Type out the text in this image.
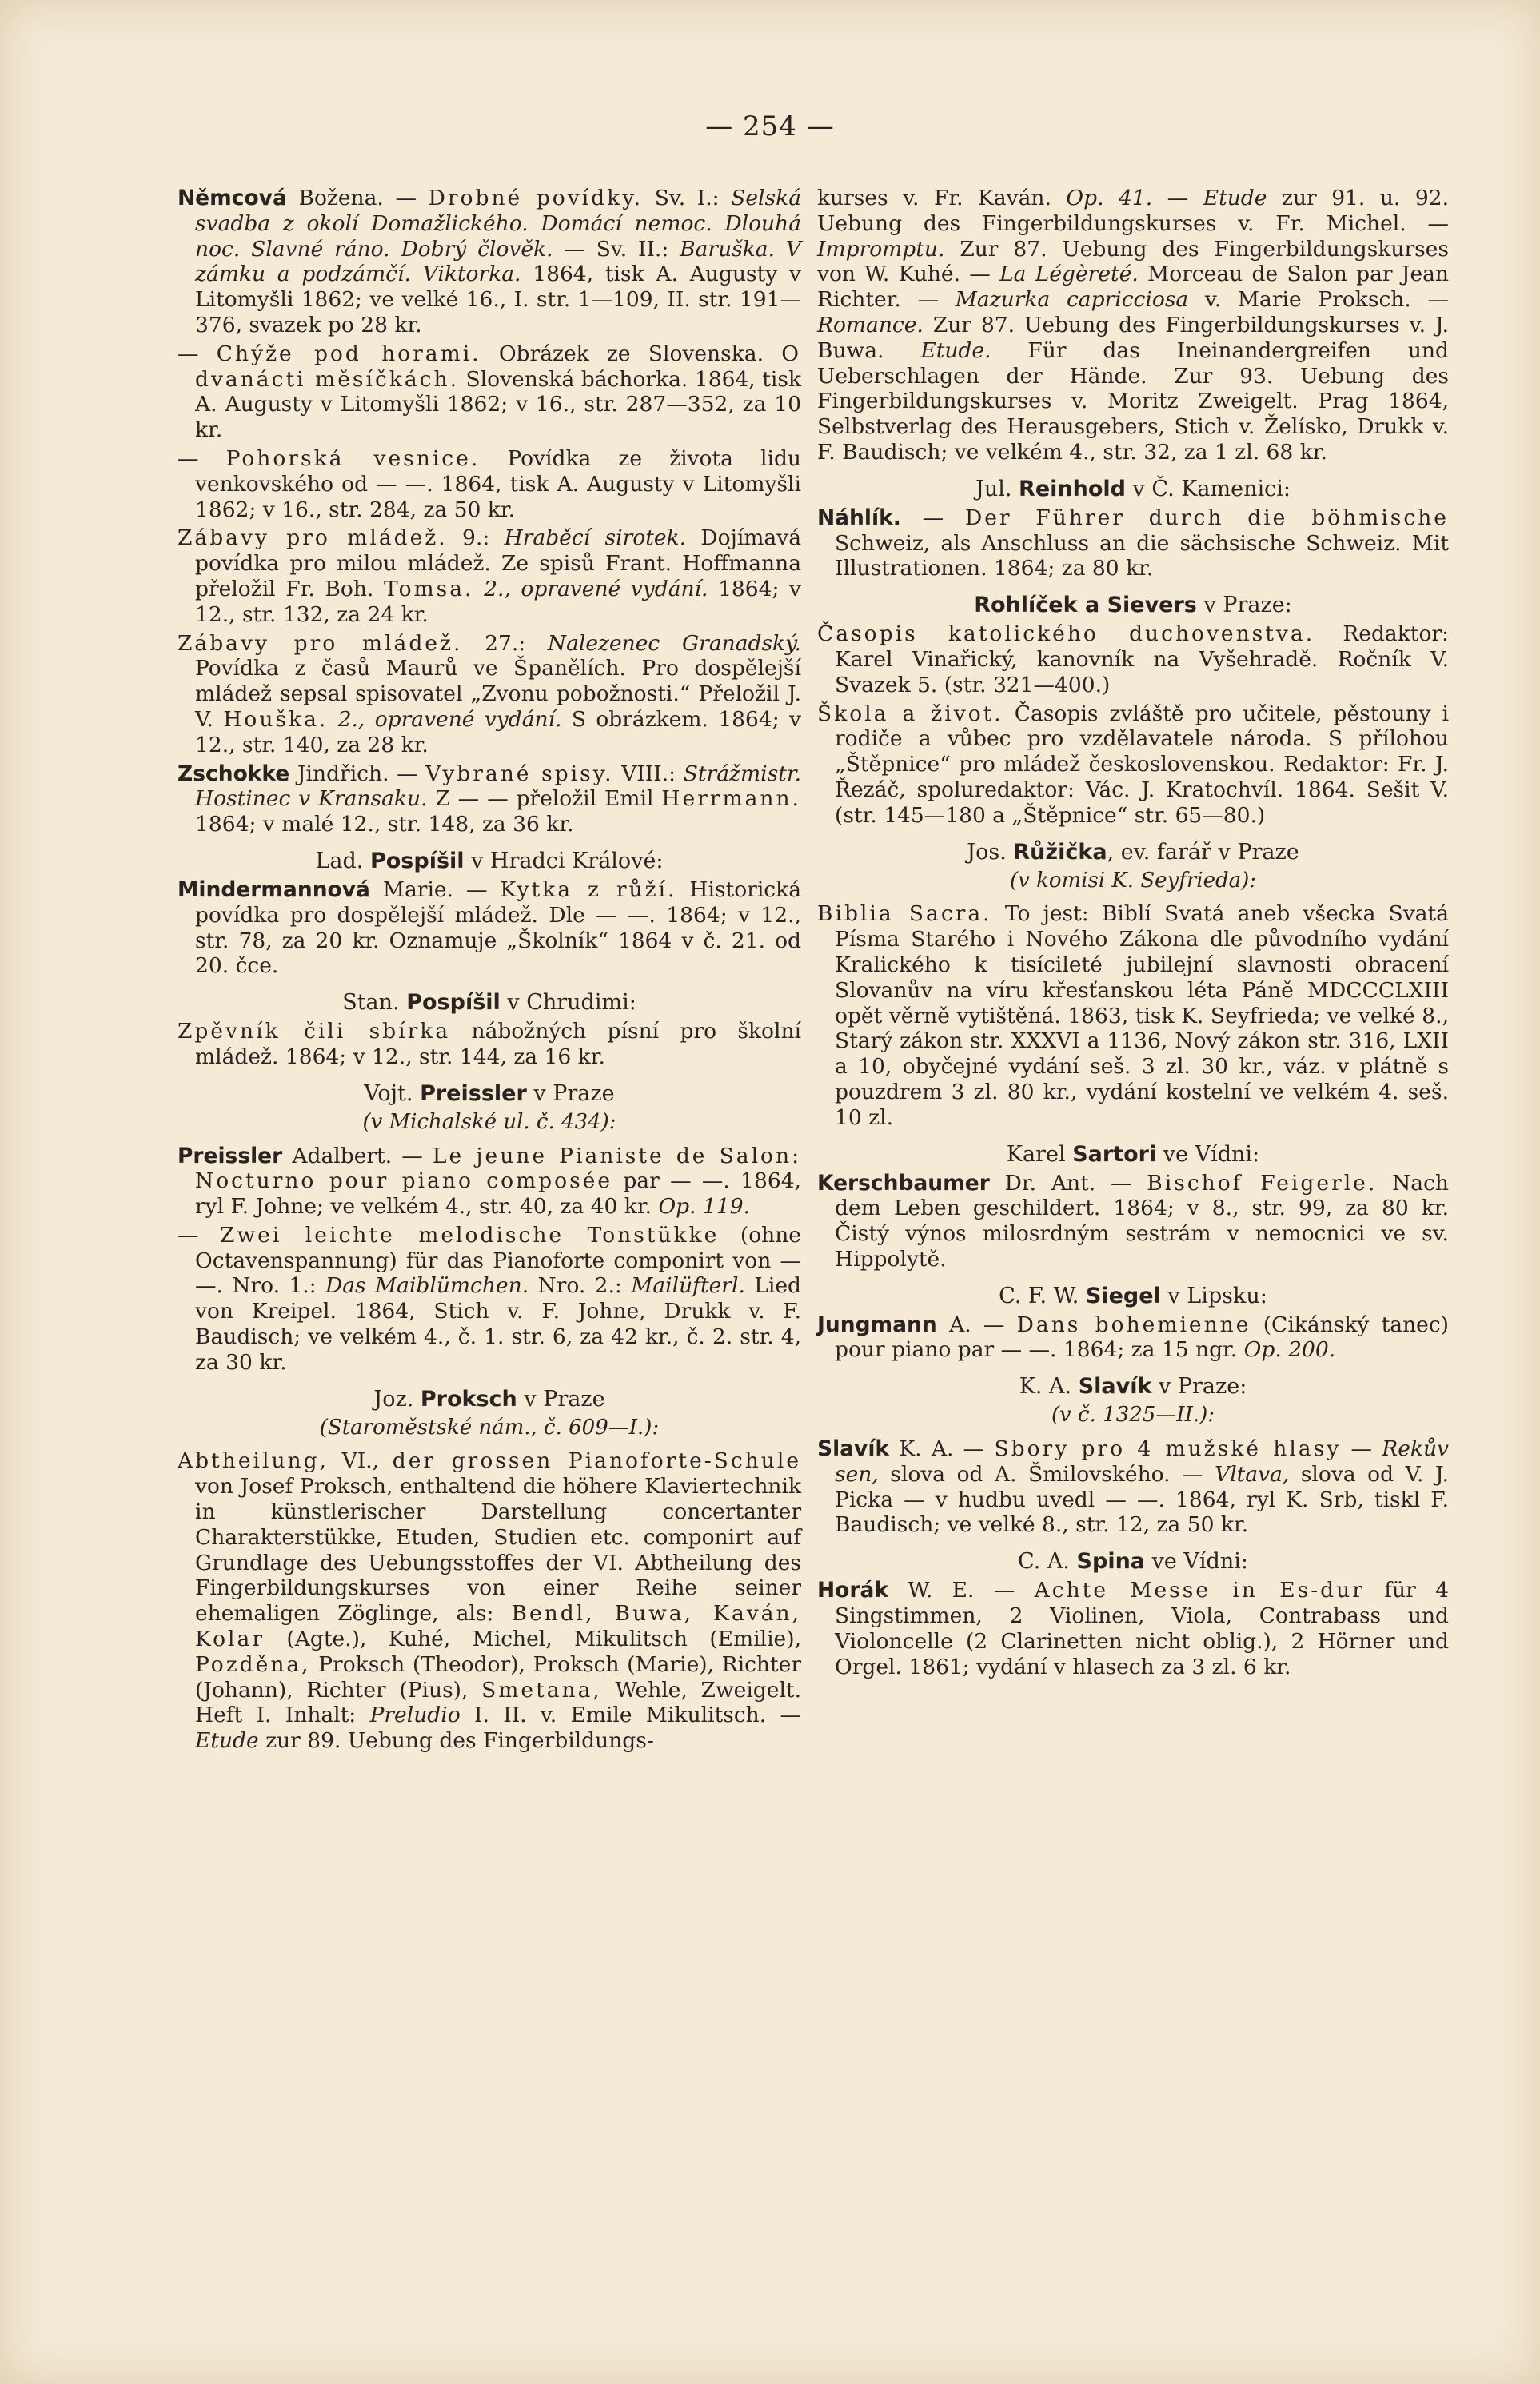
— 254 —

Němcová Božena. — Drobné povídky. Sv. I.: Selská svadba z okolí Domažlického. Domácí nemoc. Dlouhá noc. Slavné ráno. Dobrý člověk. — Sv. II.: Baruška. V zámku a podzámčí. Viktorka. 1864, tisk A. Augusty v Litomyšli 1862; ve velké 16., I. str. 1—109, II. str. 191—376, svazek po 28 kr.

— Chýže pod horami. Obrázek ze Slovenska. O dvanácti měsíčkách. Slovenská báchorka. 1864, tisk A. Augusty v Litomyšli 1862; v 16., str. 287—352, za 10 kr.

— Pohorská vesnice. Povídka ze života lidu venkovského od — —. 1864, tisk A. Augusty v Litomyšli 1862; v 16., str. 284, za 50 kr.

Zábavy pro mládež. 9.: Hraběcí sirotek. Dojímavá povídka pro milou mládež. Ze spisů Frant. Hoffmanna přeložil Fr. Boh. Tomsa. 2., opravené vydání. 1864; v 12., str. 132, za 24 kr.

Zábavy pro mládež. 27.: Nalezenec Granadský. Povídka z časů Maurů ve Španělích. Pro dospělejší mládež sepsal spisovatel „Zvonu pobožnosti.“ Přeložil J. V. Houška. 2., opravené vydání. S obrázkem. 1864; v 12., str. 140, za 28 kr.

Zschokke Jindřich. — Vybrané spisy. VIII.: Strážmistr. Hostinec v Kransaku. Z — — přeložil Emil Herrmann. 1864; v malé 12., str. 148, za 36 kr.

Lad. Pospíšil v Hradci Králové:

Mindermannová Marie. — Kytka z růží. Historická povídka pro dospělejší mládež. Dle — —. 1864; v 12., str. 78, za 20 kr. Oznamuje „Školník“ 1864 v č. 21. od 20. čce.

Stan. Pospíšil v Chrudimi:

Zpěvník čili sbírka nábožných písní pro školní mládež. 1864; v 12., str. 144, za 16 kr.

Vojt. Preissler v Praze
(v Michalské ul. č. 434):

Preissler Adalbert. — Le jeune Pianiste de Salon: Nocturno pour piano composée par — —. 1864, ryl F. Johne; ve velkém 4., str. 40, za 40 kr. Op. 119.

— Zwei leichte melodische Tonstükke (ohne Octavenspannung) für das Pianoforte componirt von — —. Nro. 1.: Das Maiblümchen. Nro. 2.: Mailüfterl. Lied von Kreipel. 1864, Stich v. F. Johne, Drukk v. F. Baudisch; ve velkém 4., č. 1. str. 6, za 42 kr., č. 2. str. 4, za 30 kr.

Joz. Proksch v Praze
(Staroměstské nám., č. 609—I.):

Abtheilung, VI., der grossen Pianoforte-Schule von Josef Proksch, enthaltend die höhere Klaviertechnik in künstlerischer Darstellung concertanter Charakterstükke, Etuden, Studien etc. componirt auf Grundlage des Uebungsstoffes der VI. Abtheilung des Fingerbildungskurses von einer Reihe seiner ehemaligen Zöglinge, als: Bendl, Buwa, Kaván, Kolar (Agte.), Kuhé, Michel, Mikulitsch (Emilie), Pozděna, Proksch (Theodor), Proksch (Marie), Richter (Johann), Richter (Pius), Smetana, Wehle, Zweigelt. Heft I. Inhalt: Preludio I. II. v. Emile Mikulitsch. — Etude zur 89. Uebung des Fingerbildungs-

kurses v. Fr. Kaván. Op. 41. — Etude zur 91. u. 92. Uebung des Fingerbildungskurses v. Fr. Michel. — Impromptu. Zur 87. Uebung des Fingerbildungskurses von W. Kuhé. — La Légèreté. Morceau de Salon par Jean Richter. — Mazurka capricciosa v. Marie Proksch. — Romance. Zur 87. Uebung des Fingerbildungskurses v. J. Buwa. Etude. Für das Ineinandergreifen und Ueberschlagen der Hände. Zur 93. Uebung des Fingerbildungskurses v. Moritz Zweigelt. Prag 1864, Selbstverlag des Herausgebers, Stich v. Želísko, Drukk v. F. Baudisch; ve velkém 4., str. 32, za 1 zl. 68 kr.

Jul. Reinhold v Č. Kamenici:

Náhlík. — Der Führer durch die böhmische Schweiz, als Anschluss an die sächsische Schweiz. Mit Illustrationen. 1864; za 80 kr.

Rohlíček a Sievers v Praze:

Časopis katolického duchovenstva. Redaktor: Karel Vinařický, kanovník na Vyšehradě. Ročník V. Svazek 5. (str. 321—400.)

Škola a život. Časopis zvláště pro učitele, pěstouny i rodiče a vůbec pro vzdělavatele národa. S přílohou „Štěpnice“ pro mládež československou. Redaktor: Fr. J. Řezáč, spoluredaktor: Vác. J. Kratochvíl. 1864. Sešit V. (str. 145—180 a „Štěpnice“ str. 65—80.)

Jos. Růžička, ev. farář v Praze
(v komisi K. Seyfrieda):

Biblia Sacra. To jest: Biblí Svatá aneb všecka Svatá Písma Starého i Nového Zákona dle původního vydání Kralického k tisícileté jubilejní slavnosti obracení Slovanův na víru křesťanskou léta Páně MDCCCLXIII opět věrně vytištěná. 1863, tisk K. Seyfrieda; ve velké 8., Starý zákon str. XXXVI a 1136, Nový zákon str. 316, LXII a 10, obyčejné vydání seš. 3 zl. 30 kr., váz. v plátně s pouzdrem 3 zl. 80 kr., vydání kostelní ve velkém 4. seš. 10 zl.

Karel Sartori ve Vídni:

Kerschbaumer Dr. Ant. — Bischof Feigerle. Nach dem Leben geschildert. 1864; v 8., str. 99, za 80 kr. Čistý výnos milosrdným sestrám v nemocnici ve sv. Hippolytě.

C. F. W. Siegel v Lipsku:

Jungmann A. — Dans bohemienne (Cikánský tanec) pour piano par — —. 1864; za 15 ngr. Op. 200.

K. A. Slavík v Praze:
(v č. 1325—II.):

Slavík K. A. — Sbory pro 4 mužské hlasy — Rekův sen, slova od A. Šmilovského. — Vltava, slova od V. J. Picka — v hudbu uvedl — —. 1864, ryl K. Srb, tiskl F. Baudisch; ve velké 8., str. 12, za 50 kr.

C. A. Spina ve Vídni:

Horák W. E. — Achte Messe in Es-dur für 4 Singstimmen, 2 Violinen, Viola, Contrabass und Violoncelle (2 Clarinetten nicht oblig.), 2 Hörner und Orgel. 1861; vydání v hlasech za 3 zl. 6 kr.
